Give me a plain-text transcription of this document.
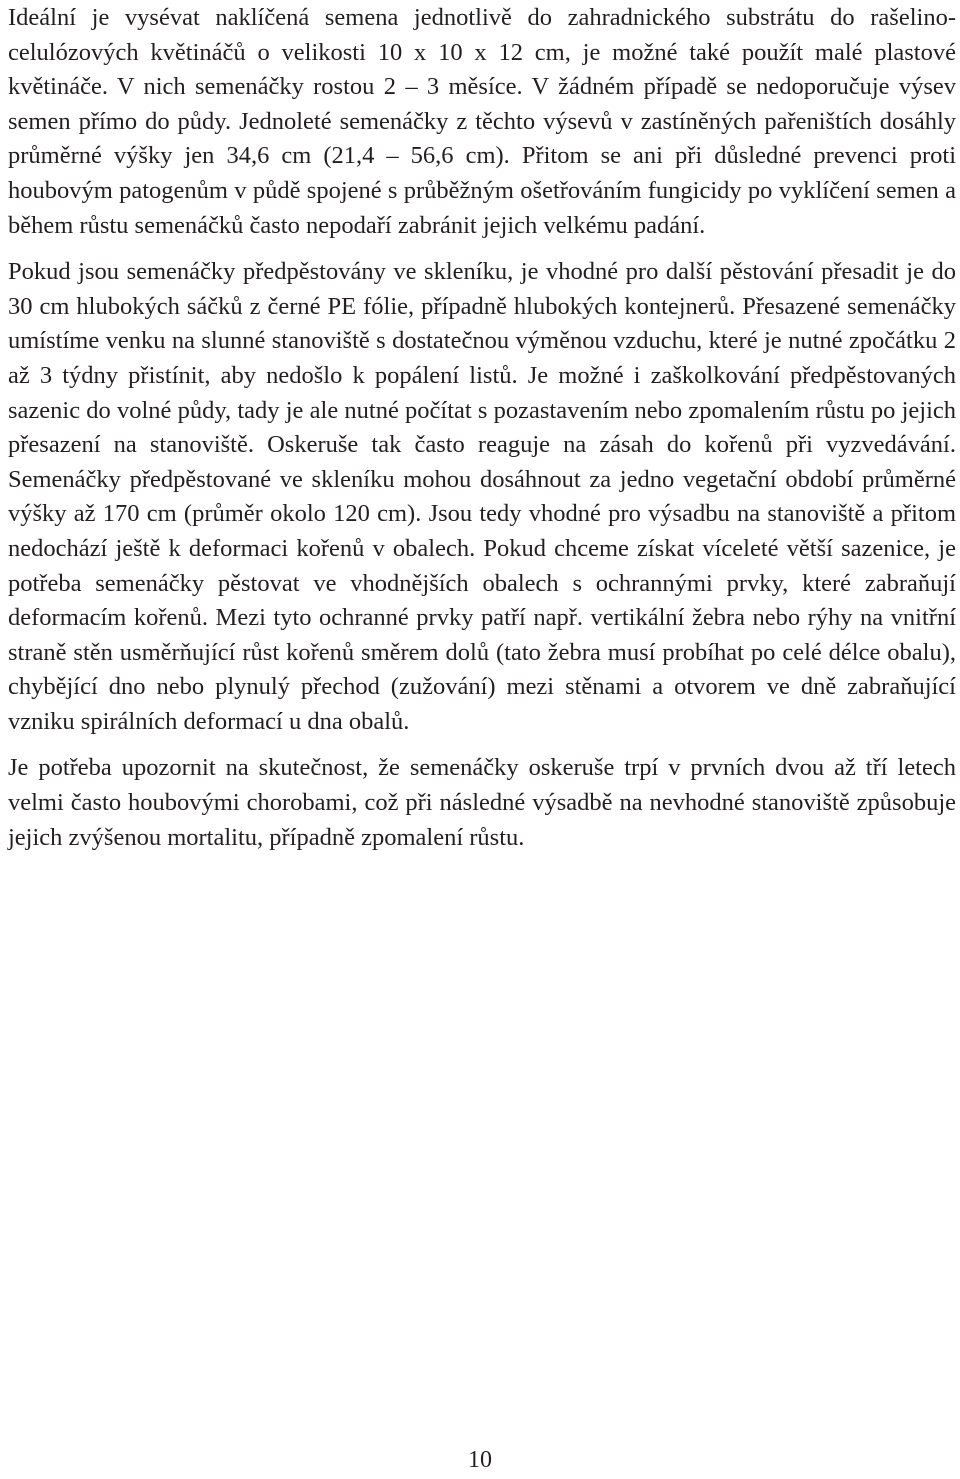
Ideální je vysévat naklíčená semena jednotlivě do zahradnického substrátu do rašelino-celulózových květináčů o velikosti 10 x 10 x 12 cm, je možné také použít malé plastové květináče. V nich semenáčky rostou 2 – 3 měsíce. V žádném případě se nedoporučuje výsev semen přímo do půdy. Jednoleté semenáčky z těchto výsevů v zastíněných pařeništích dosáhly průměrné výšky jen 34,6 cm (21,4 – 56,6 cm). Přitom se ani při důsledné prevenci proti houbovým patogenům v půdě spojené s průběžným ošetřováním fungicidy po vyklíčení semen a během růstu semenáčků často nepodaří zabránit jejich velkému padání.

Pokud jsou semenáčky předpěstovány ve skleníku, je vhodné pro další pěstování přesadit je do 30 cm hlubokých sáčků z černé PE fólie, případně hlubokých kontejnerů. Přesazené semenáčky umístíme venku na slunné stanoviště s dostatečnou výměnou vzduchu, které je nutné zpočátku 2 až 3 týdny přistínit, aby nedošlo k popálení listů. Je možné i zaškolkování předpěstovaných sazenic do volné půdy, tady je ale nutné počítat s pozastavením nebo zpomalením růstu po jejich přesazení na stanoviště. Oskeruše tak často reaguje na zásah do kořenů při vyzvedávání. Semenáčky předpěstované ve skleníku mohou dosáhnout za jedno vegetační období průměrné výšky až 170 cm (průměr okolo 120 cm). Jsou tedy vhodné pro výsadbu na stanoviště a přitom nedochází ještě k deformaci kořenů v obalech. Pokud chceme získat víceleté větší sazenice, je potřeba semenáčky pěstovat ve vhodnějších obalech s ochrannými prvky, které zabraňují deformacím kořenů. Mezi tyto ochranné prvky patří např. vertikální žebra nebo rýhy na vnitřní straně stěn usměrňující růst kořenů směrem dolů (tato žebra musí probíhat po celé délce obalu), chybějící dno nebo plynulý přechod (zužování) mezi stěnami a otvorem ve dně zabraňující vzniku spirálních deformací u dna obalů.

Je potřeba upozornit na skutečnost, že semenáčky oskeruše trpí v prvních dvou až tří letech velmi často houbovými chorobami, což při následné výsadbě na nevhodné stanoviště způsobuje jejich zvýšenou mortalitu, případně zpomalení růstu.

10
